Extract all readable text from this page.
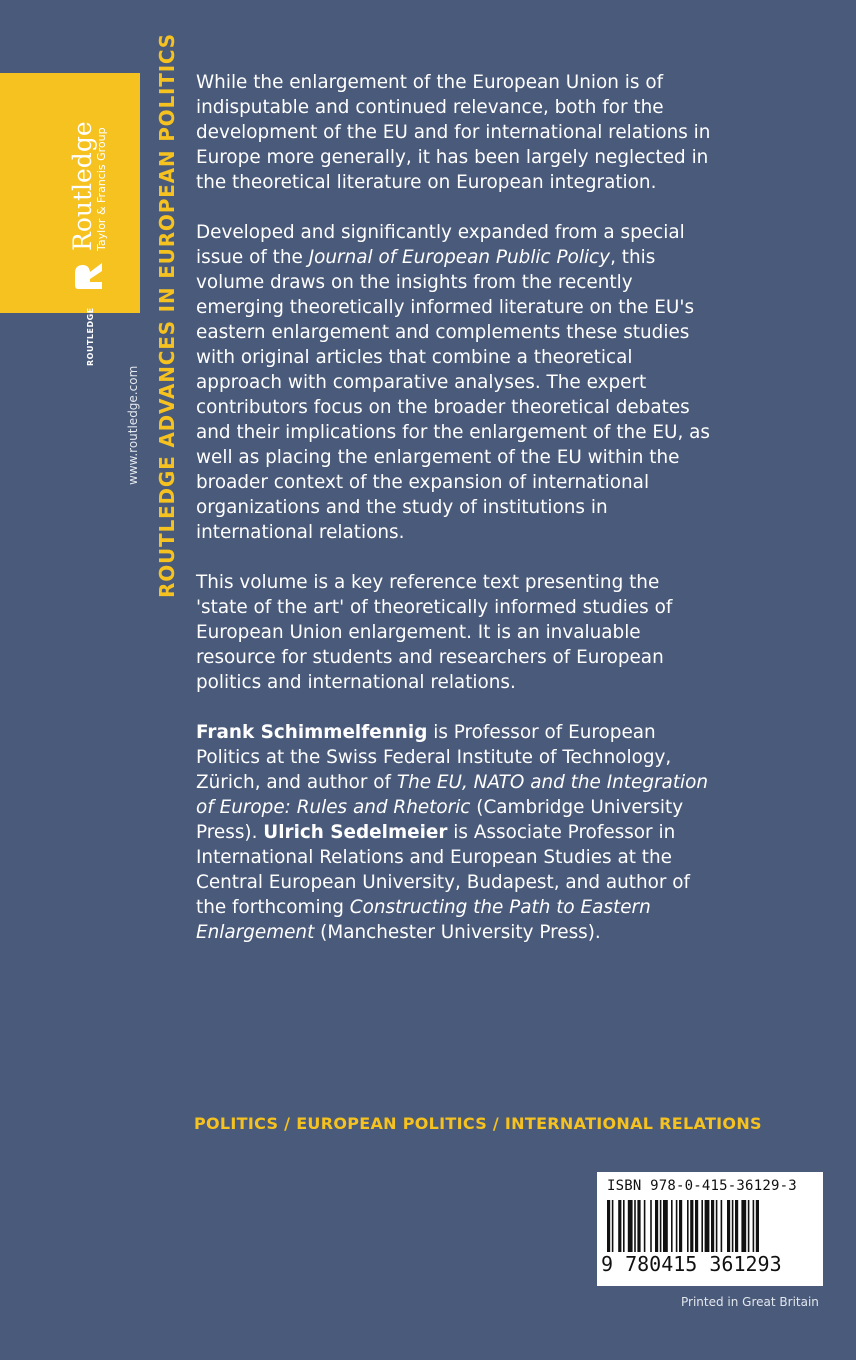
Routledge
Taylor & Francis Group
ROUTLEDGE	ROUTLEDGE ADVANCES IN EUROPEAN POLITICS
www.routledge.com

While the enlargement of the European Union is of indisputable and continued relevance, both for the development of the EU and for international relations in Europe more generally, it has been largely neglected in the theoretical literature on European integration.

Developed and significantly expanded from a special issue of the Journal of European Public Policy, this volume draws on the insights from the recently emerging theoretically informed literature on the EU's eastern enlargement and complements these studies with original articles that combine a theoretical approach with comparative analyses. The expert contributors focus on the broader theoretical debates and their implications for the enlargement of the EU, as well as placing the enlargement of the EU within the broader context of the expansion of international organizations and the study of institutions in international relations.

This volume is a key reference text presenting the 'state of the art' of theoretically informed studies of European Union enlargement. It is an invaluable resource for students and researchers of European politics and international relations.

Frank Schimmelfennig is Professor of European Politics at the Swiss Federal Institute of Technology, Zürich, and author of The EU, NATO and the Integration of Europe: Rules and Rhetoric (Cambridge University Press). Ulrich Sedelmeier is Associate Professor in International Relations and European Studies at the Central European University, Budapest, and author of the forthcoming Constructing the Path to Eastern Enlargement (Manchester University Press).

POLITICS / EUROPEAN POLITICS / INTERNATIONAL RELATIONS
ISBN 978-0-415-36129-3
9 780415 361293
Printed in Great Britain
